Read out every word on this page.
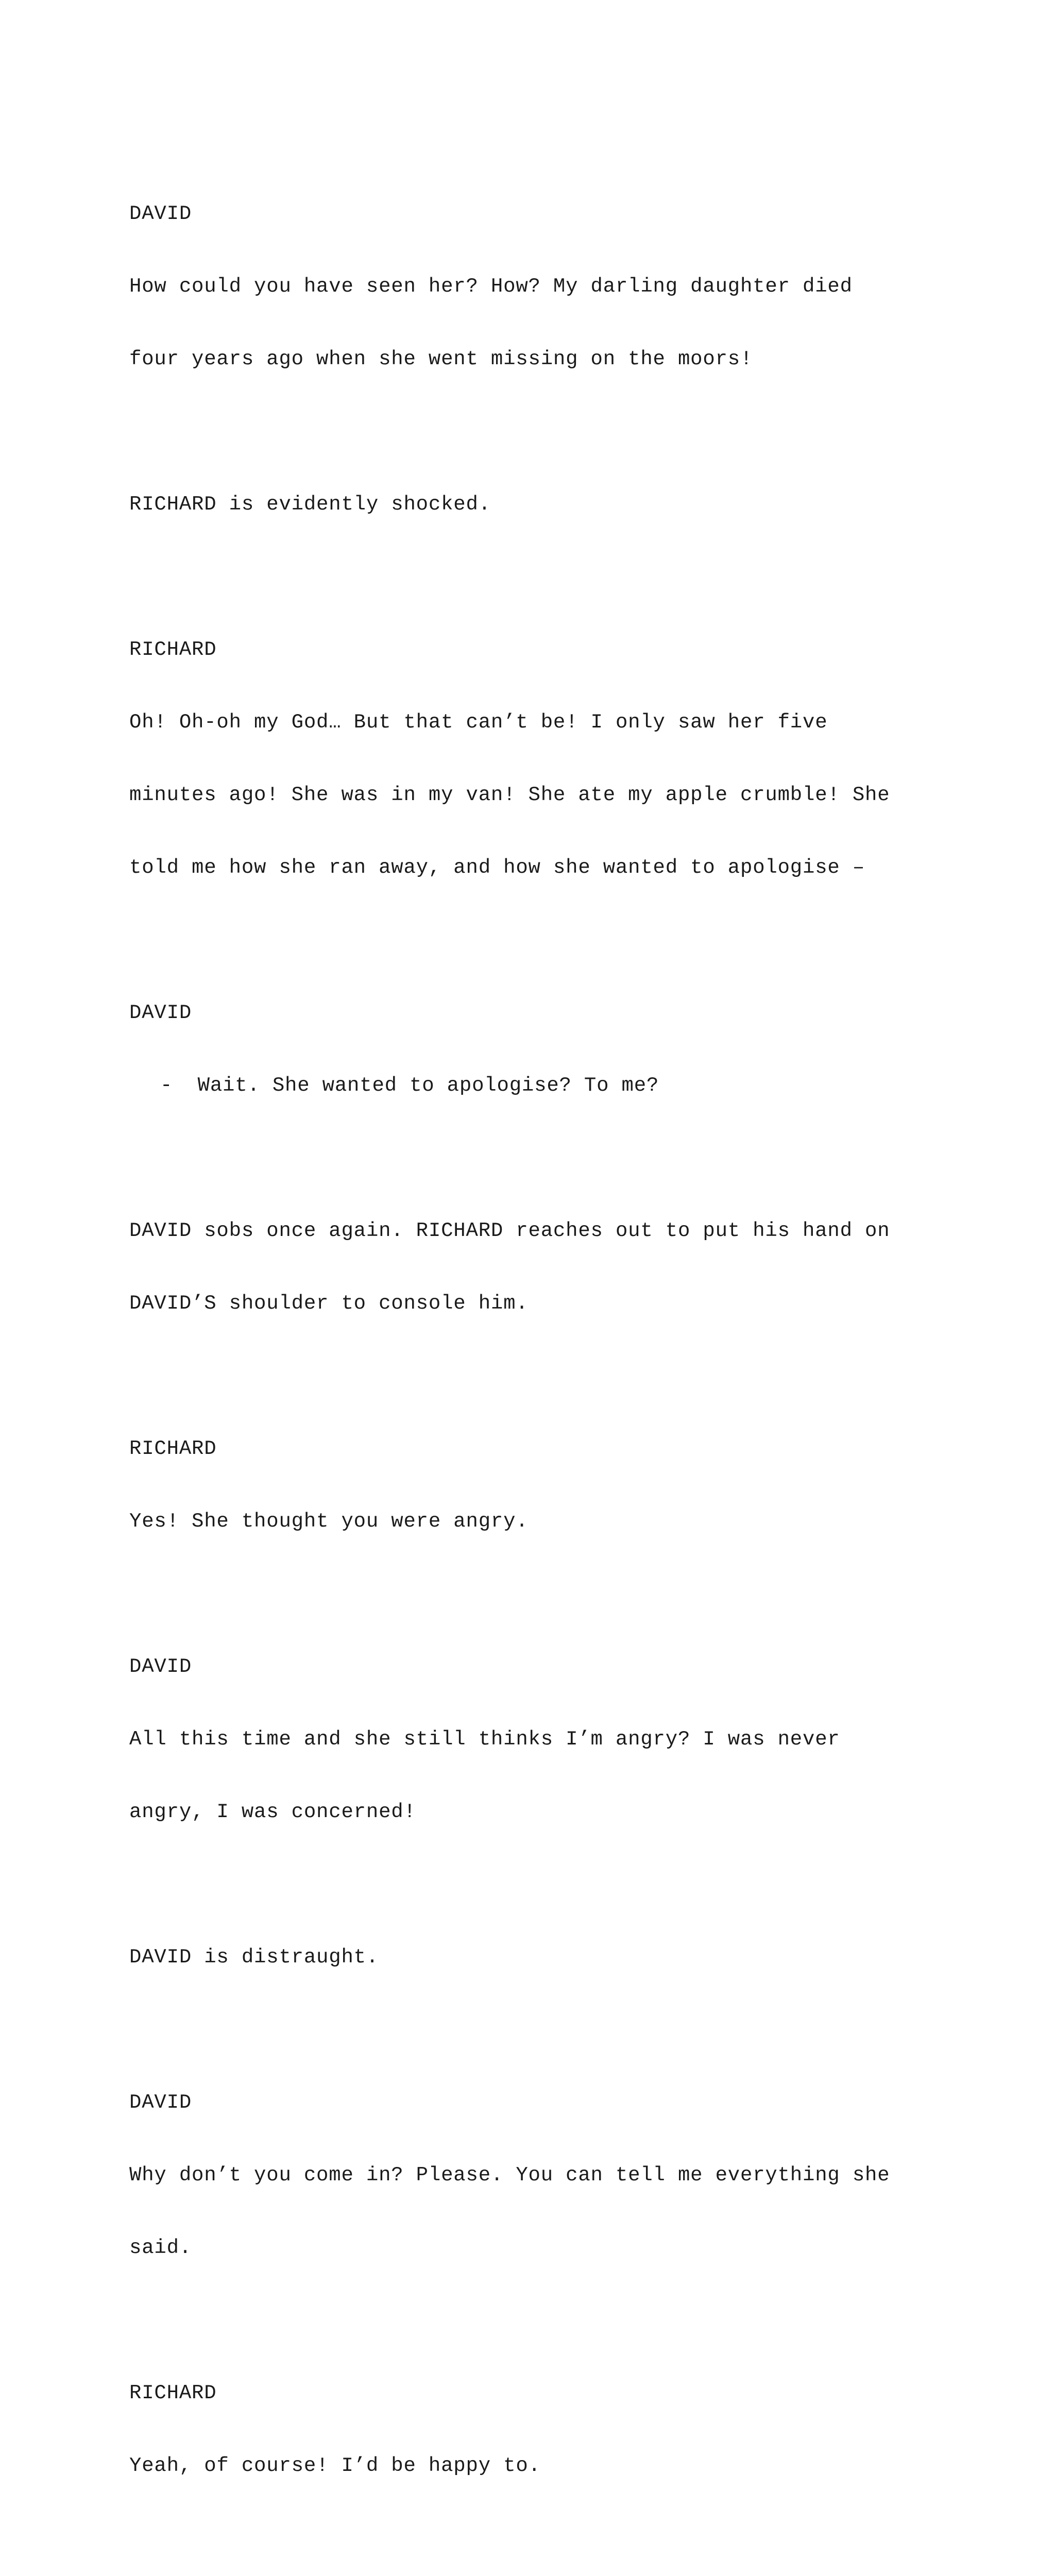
DAVID

How could you have seen her? How? My darling daughter died

four years ago when she went missing on the moors!

RICHARD is evidently shocked.

RICHARD

Oh! Oh-oh my God… But that can’t be! I only saw her five

minutes ago! She was in my van! She ate my apple crumble! She

told me how she ran away, and how she wanted to apologise –

DAVID

-  Wait. She wanted to apologise? To me?

DAVID sobs once again. RICHARD reaches out to put his hand on

DAVID’S shoulder to console him.

RICHARD

Yes! She thought you were angry.

DAVID

All this time and she still thinks I’m angry? I was never

angry, I was concerned!

DAVID is distraught.

DAVID

Why don’t you come in? Please. You can tell me everything she

said.

RICHARD

Yeah, of course! I’d be happy to.
